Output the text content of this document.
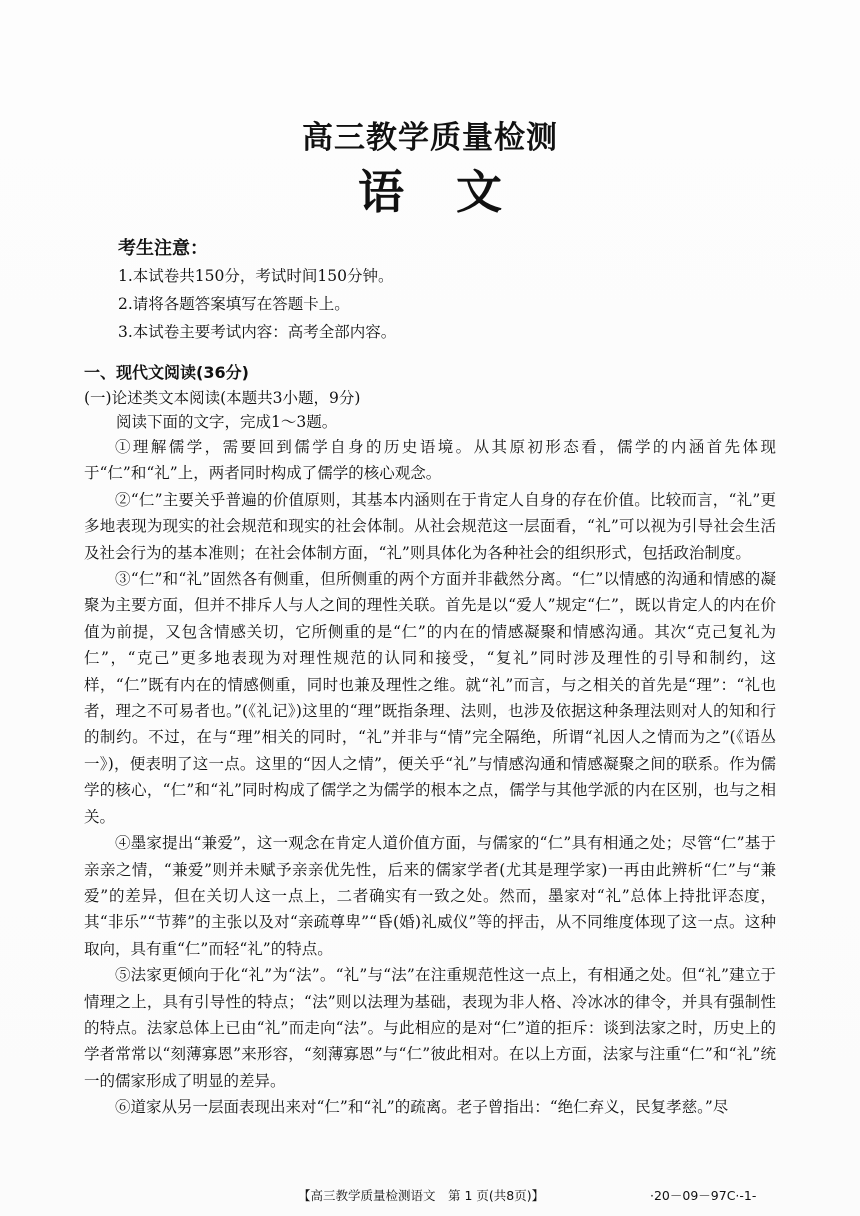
高三教学质量检测
语文
考生注意：
1.本试卷共150分，考试时间150分钟。
2.请将各题答案填写在答题卡上。
3.本试卷主要考试内容：高考全部内容。
一、现代文阅读(36分)
(一)论述类文本阅读(本题共3小题，9分)
阅读下面的文字，完成1～3题。

①理解儒学，需要回到儒学自身的历史语境。从其原初形态看，儒学的内涵首先体现于“仁”和“礼”上，两者同时构成了儒学的核心观念。

②“仁”主要关乎普遍的价值原则，其基本内涵则在于肯定人自身的存在价值。比较而言，“礼”更多地表现为现实的社会规范和现实的社会体制。从社会规范这一层面看，“礼”可以视为引导社会生活及社会行为的基本准则；在社会体制方面，“礼”则具体化为各种社会的组织形式，包括政治制度。

③“仁”和“礼”固然各有侧重，但所侧重的两个方面并非截然分离。“仁”以情感的沟通和情感的凝聚为主要方面，但并不排斥人与人之间的理性关联。首先是以“爱人”规定“仁”，既以肯定人的内在价值为前提，又包含情感关切，它所侧重的是“仁”的内在的情感凝聚和情感沟通。其次“克己复礼为仁”，“克己”更多地表现为对理性规范的认同和接受，“复礼”同时涉及理性的引导和制约，这样，“仁”既有内在的情感侧重，同时也兼及理性之维。就“礼”而言，与之相关的首先是“理”：“礼也者，理之不可易者也。”(《礼记》)这里的“理”既指条理、法则，也涉及依据这种条理法则对人的知和行的制约。不过，在与“理”相关的同时，“礼”并非与“情”完全隔绝，所谓“礼因人之情而为之”(《语丛一》)，便表明了这一点。这里的“因人之情”，便关乎“礼”与情感沟通和情感凝聚之间的联系。作为儒学的核心，“仁”和“礼”同时构成了儒学之为儒学的根本之点，儒学与其他学派的内在区别，也与之相关。

④墨家提出“兼爱”，这一观念在肯定人道价值方面，与儒家的“仁”具有相通之处；尽管“仁”基于亲亲之情，“兼爱”则并未赋予亲亲优先性，后来的儒家学者(尤其是理学家)一再由此辨析“仁”与“兼爱”的差异，但在关切人这一点上，二者确实有一致之处。然而，墨家对“礼”总体上持批评态度，其“非乐”“节葬”的主张以及对“亲疏尊卑”“昏(婚)礼威仪”等的抨击，从不同维度体现了这一点。这种取向，具有重“仁”而轻“礼”的特点。

⑤法家更倾向于化“礼”为“法”。“礼”与“法”在注重规范性这一点上，有相通之处。但“礼”建立于情理之上，具有引导性的特点；“法”则以法理为基础，表现为非人格、冷冰冰的律令，并具有强制性的特点。法家总体上已由“礼”而走向“法”。与此相应的是对“仁”道的拒斥：谈到法家之时，历史上的学者常常以“刻薄寡恩”来形容，“刻薄寡恩”与“仁”彼此相对。在以上方面，法家与注重“仁”和“礼”统一的儒家形成了明显的差异。

⑥道家从另一层面表现出来对“仁”和“礼”的疏离。老子曾指出：“绝仁弃义，民复孝慈。”尽

【高三教学质量检测语文　第 1 页(共8页)】	·20－09－97C·-1-
